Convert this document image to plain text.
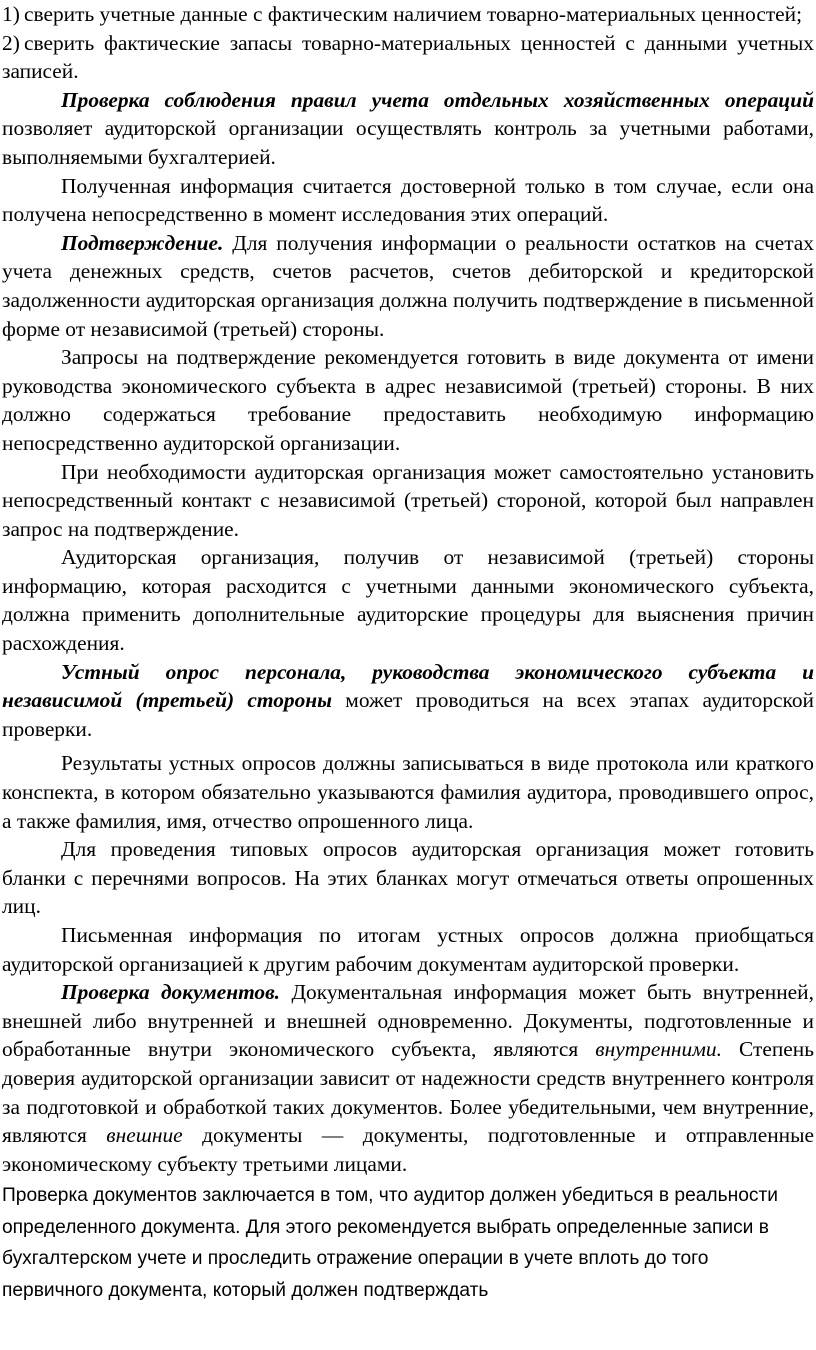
1) сверить учетные данные с фактическим наличием товарно-материальных ценностей;

2) сверить фактические запасы товарно-материальных ценностей с данными учетных записей.

Проверка соблюдения правил учета отдельных хозяйственных операций позволяет аудиторской организации осуществлять контроль за учетными работами, выполняемыми бухгалтерией.

Полученная информация считается достоверной только в том случае, если она получена непосредственно в момент исследования этих операций.

Подтверждение. Для получения информации о реальности остатков на счетах учета денежных средств, счетов расчетов, счетов дебиторской и кредиторской задолженности аудиторская организация должна получить подтверждение в письменной форме от независимой (третьей) стороны.

Запросы на подтверждение рекомендуется готовить в виде документа от имени руководства экономического субъекта в адрес независимой (третьей) стороны. В них должно содержаться требование предоставить необходимую информацию непосредственно аудиторской организации.

При необходимости аудиторская организация может самостоятельно установить непосредственный контакт с независимой (третьей) стороной, которой был направлен запрос на подтверждение.

Аудиторская организация, получив от независимой (третьей) стороны информацию, которая расходится с учетными данными экономического субъекта, должна применить дополнительные аудиторские процедуры для выяснения причин расхождения.

Устный опрос персонала, руководства экономического субъекта и независимой (третьей) стороны может проводиться на всех этапах аудиторской проверки.

Результаты устных опросов должны записываться в виде протокола или краткого конспекта, в котором обязательно указываются фамилия аудитора, проводившего опрос, а также фамилия, имя, отчество опрошенного лица.

Для проведения типовых опросов аудиторская организация может готовить бланки с перечнями вопросов. На этих бланках могут отмечаться ответы опрошенных лиц.

Письменная информация по итогам устных опросов должна приобщаться аудиторской организацией к другим рабочим документам аудиторской проверки.

Проверка документов. Документальная информация может быть внутренней, внешней либо внутренней и внешней одновременно. Документы, подготовленные и обработанные внутри экономического субъекта, являются внутренними. Степень доверия аудиторской организации зависит от надежности средств внутреннего контроля за подготовкой и обработкой таких документов. Более убедительными, чем внутренние, являются внешние документы — документы, подготовленные и отправленные экономическому субъекту третьими лицами.

Проверка документов заключается в том, что аудитор должен убедиться в реальности определенного документа. Для этого рекомендуется выбрать определенные записи в бухгалтерском учете и проследить отражение операции в учете вплоть до того первичного документа, который должен подтверждать
